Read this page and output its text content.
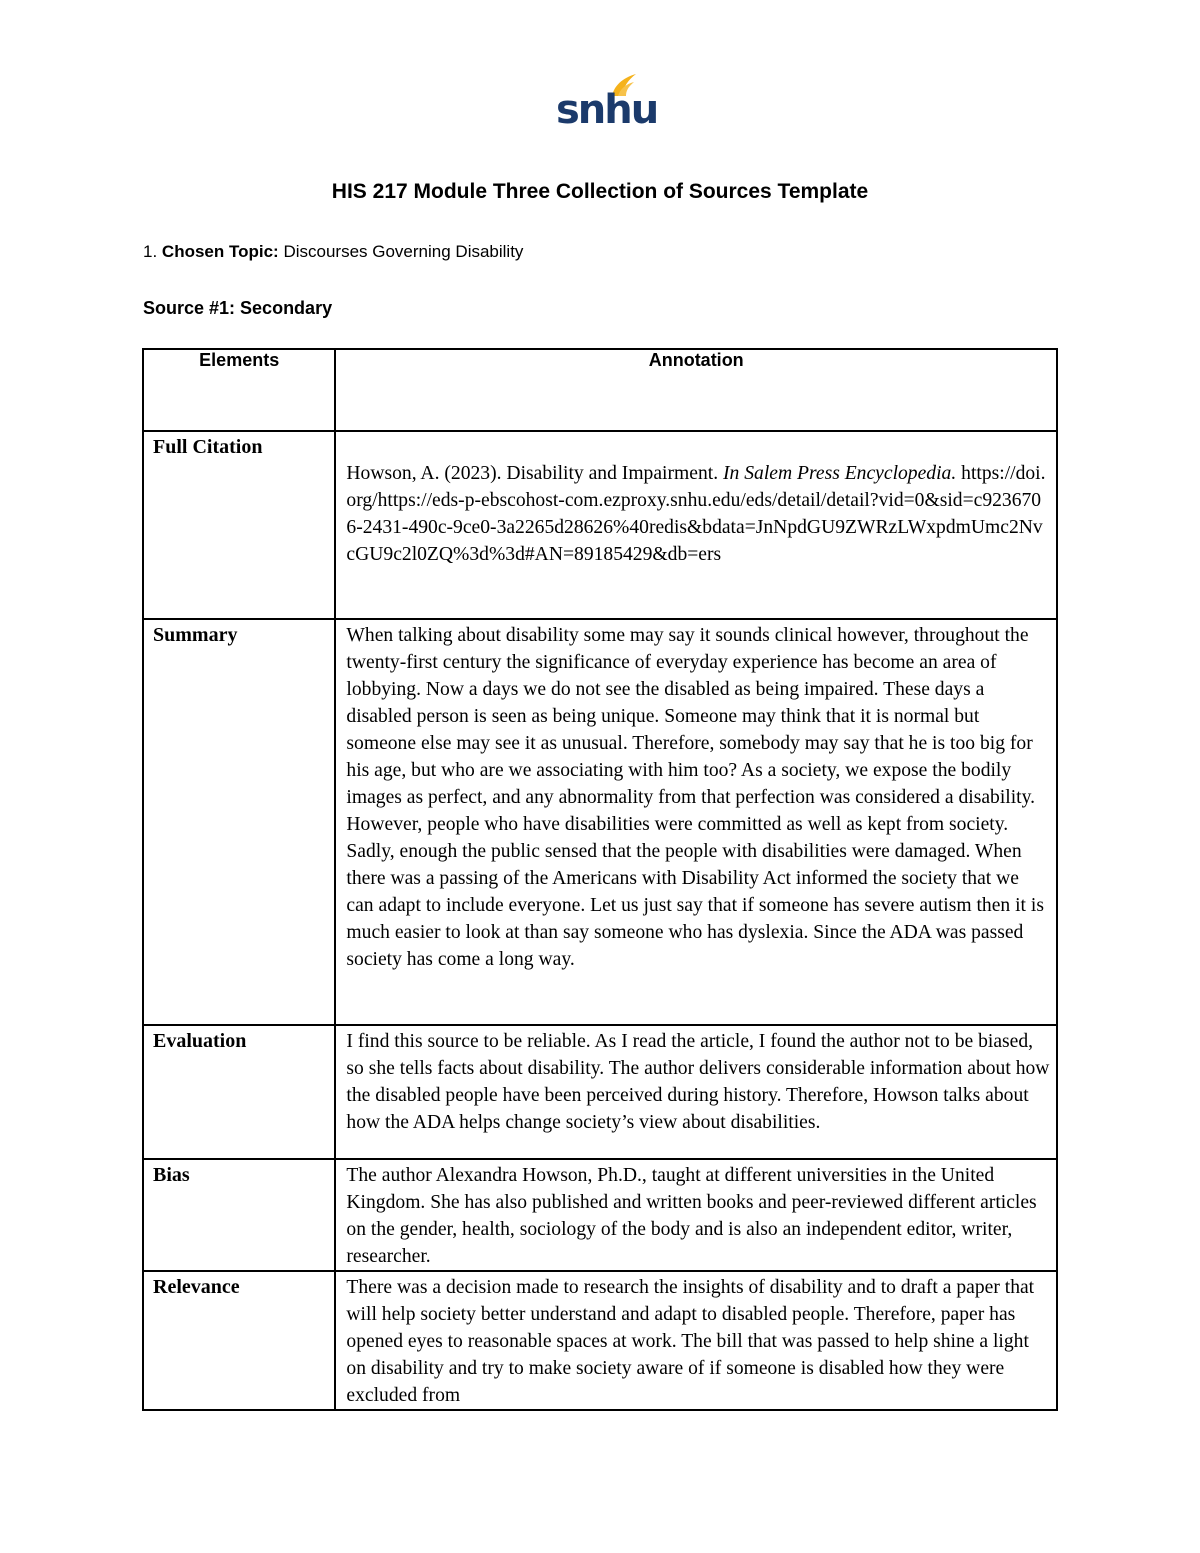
snhu
HIS 217 Module Three Collection of Sources Template
1. Chosen Topic: Discourses Governing Disability
Source #1: Secondary
Elements	Annotation
Full Citation	Howson, A. (2023). Disability and Impairment. In Salem Press Encyclopedia. https://doi.org/https://eds-p-ebscohost-com.ezproxy.snhu.edu/eds/detail/detail?vid=0&sid=c9236706-2431-490c-9ce0-3a2265d28626%40redis&bdata=JnNpdGU9ZWRzLWxpdmUmc2NvcGU9c2l0ZQ%3d%3d#AN=89185429&db=ers
Summary	When talking about disability some may say it sounds clinical however, throughout the twenty-first century the significance of everyday experience has become an area of lobbying. Now a days we do not see the disabled as being impaired. These days a disabled person is seen as being unique. Someone may think that it is normal but someone else may see it as unusual. Therefore, somebody may say that he is too big for his age, but who are we associating with him too? As a society, we expose the bodily images as perfect, and any abnormality from that perfection was considered a disability. However, people who have disabilities were committed as well as kept from society. Sadly, enough the public sensed that the people with disabilities were damaged. When there was a passing of the Americans with Disability Act informed the society that we can adapt to include everyone. Let us just say that if someone has severe autism then it is much easier to look at than say someone who has dyslexia. Since the ADA was passed society has come a long way.
Evaluation	I find this source to be reliable. As I read the article, I found the author not to be biased, so she tells facts about disability. The author delivers considerable information about how the disabled people have been perceived during history. Therefore, Howson talks about how the ADA helps change society’s view about disabilities.
Bias	The author Alexandra Howson, Ph.D., taught at different universities in the United Kingdom. She has also published and written books and peer-reviewed different articles on the gender, health, sociology of the body and is also an independent editor, writer, researcher.
Relevance	There was a decision made to research the insights of disability and to draft a paper that will help society better understand and adapt to disabled people. Therefore, paper has opened eyes to reasonable spaces at work. The bill that was passed to help shine a light on disability and try to make society aware of if someone is disabled how they were excluded from
